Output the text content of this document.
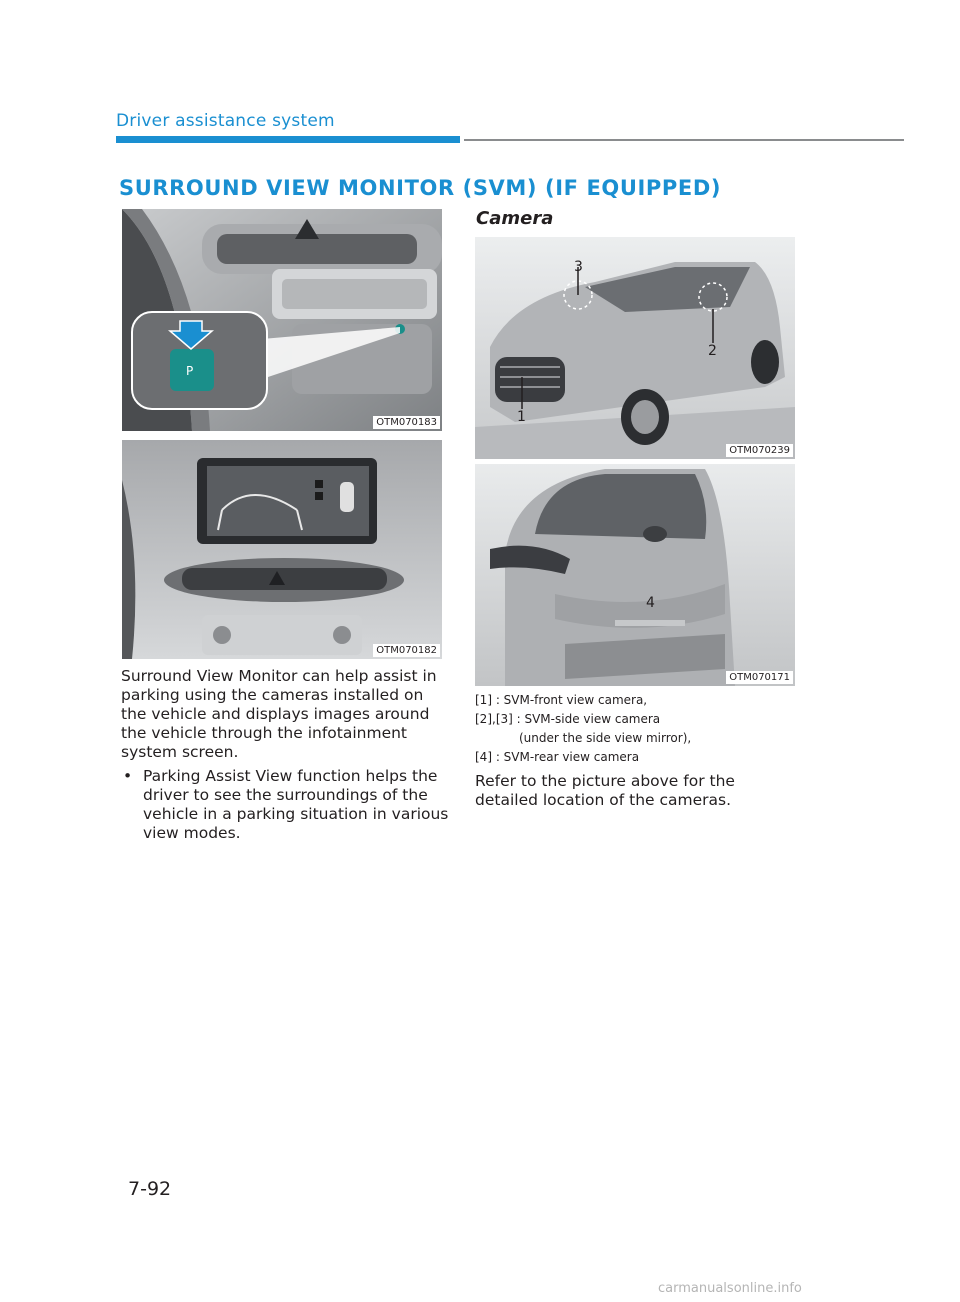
Driver assistance system
SURROUND VIEW MONITOR (SVM) (IF EQUIPPED)
P
OTM070183
OTM070182
Surround View Monitor can help assist in parking using the cameras installed on the vehicle and displays images around the vehicle through the infotainment system screen.
• Parking Assist View function helps the driver to see the surroundings of the vehicle in a parking situation in various view modes.
Camera
3
2
1
OTM070239
4
OTM070171
[1] : SVM-front view camera,
[2],[3] : SVM-side view camera
(under the side view mirror),
[4] : SVM-rear view camera
Refer to the picture above for the detailed location of the cameras.
7-92
carmanualsonline.info
